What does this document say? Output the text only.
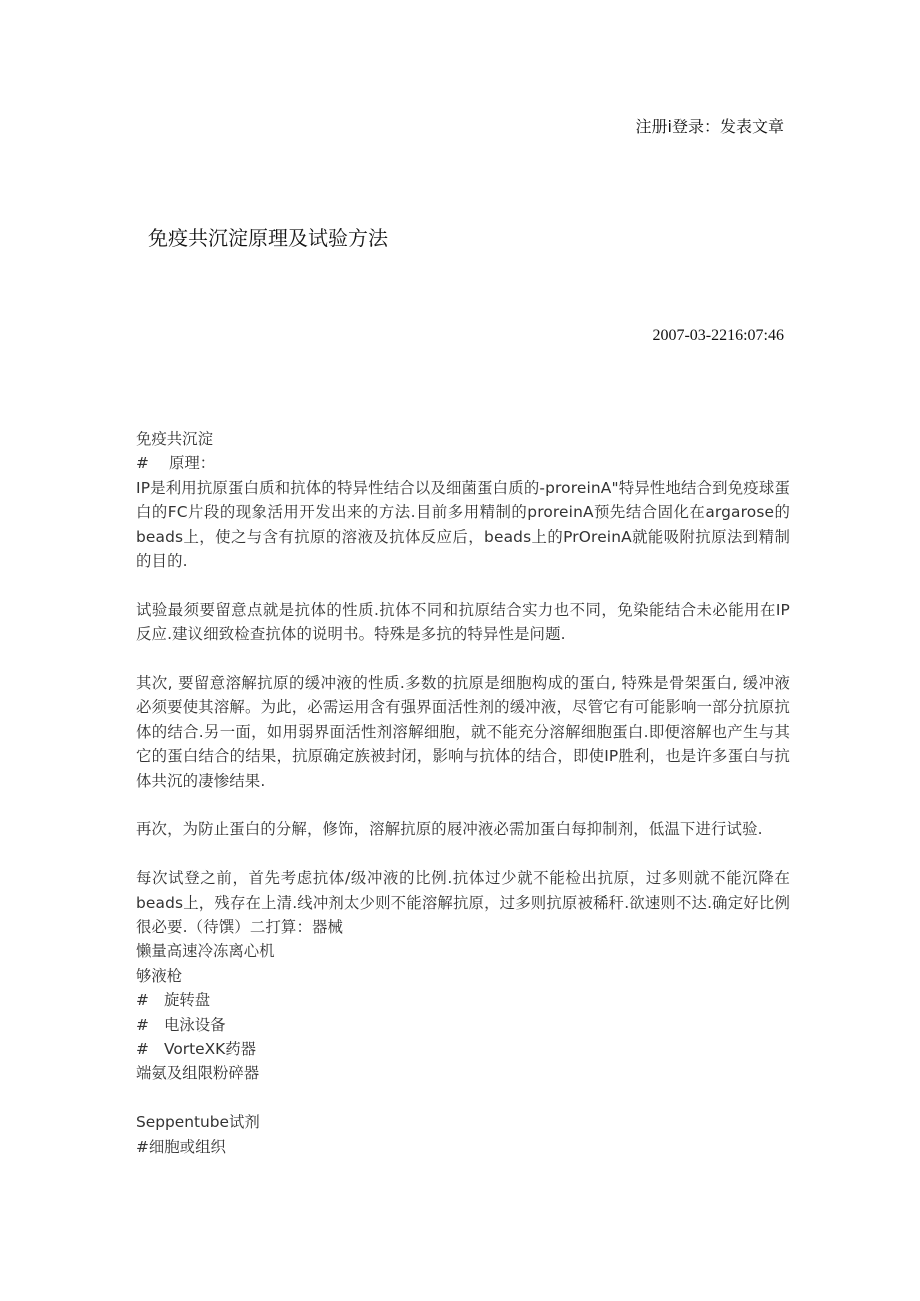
注册i登录：发表文章
免疫共沉淀原理及试验方法
2007-03-2216:07:46
免疫共沉淀
# 原理：

IP是利用抗原蛋白质和抗体的特异性结合以及细菌蛋白质的-proreinA"特异性地结合到免疫球蛋白的FC片段的现象活用开发出来的方法.目前多用精制的proreinA预先结合固化在argarose的beads上，使之与含有抗原的溶液及抗体反应后，beads上的PrOreinA就能吸附抗原法到精制的目的.

试验最须要留意点就是抗体的性质.抗体不同和抗原结合实力也不同，免染能结合未必能用在IP反应.建议细致检查抗体的说明书。特殊是多抗的特异性是问题.

其次, 要留意溶解抗原的缓冲液的性质.多数的抗原是细胞构成的蛋白, 特殊是骨架蛋白, 缓冲液必须要使其溶解。为此，必需运用含有强界面活性剂的缓冲液，尽管它有可能影响一部分抗原抗体的结合.另一面，如用弱界面活性剂溶解细胞，就不能充分溶解细胞蛋白.即便溶解也产生与其它的蛋白结合的结果，抗原确定族被封闭，影响与抗体的结合，即使IP胜利，也是许多蛋白与抗体共沉的凄惨结果.

再次，为防止蛋白的分解，修饰，溶解抗原的屐冲液必需加蛋白每抑制剂，低温下进行试验.

每次试登之前，首先考虑抗体/级冲液的比例.抗体过少就不能检出抗原，过多则就不能沉降在beads上，残存在上清.线冲剂太少则不能溶解抗原，过多则抗原被稀秆.欲速则不达.确定好比例很必要.（待馔）二打算：器械

懒量高速冷冻离心机
够液枪
# 旋转盘
# 电泳设备
# VorteXK药器
端氨及组限粉碎器
Seppentube试剂
#细胞或组织
